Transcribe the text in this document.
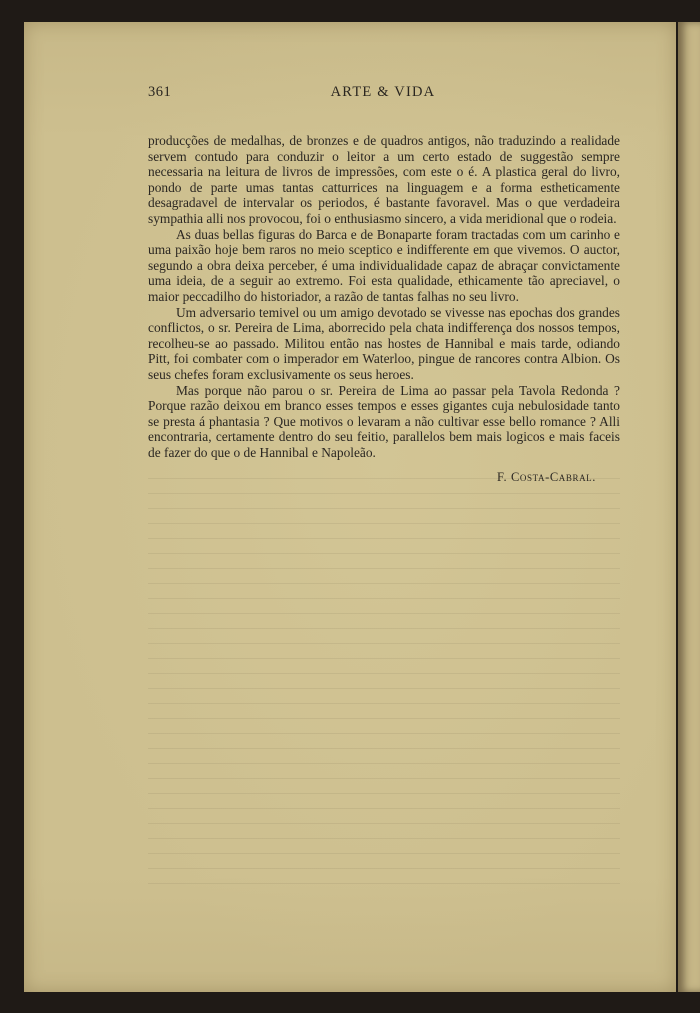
361	ARTE & VIDA

producções de medalhas, de bronzes e de quadros antigos, não traduzindo a realidade servem contudo para conduzir o leitor a um certo estado de suggestão sempre necessaria na leitura de livros de impressões, com este o é. A plastica geral do livro, pondo de parte umas tantas catturrices na linguagem e a forma estheticamente desagradavel de intervalar os periodos, é bastante favoravel. Mas o que verdadeira sympathia alli nos provocou, foi o enthusiasmo sincero, a vida meridional que o rodeia.

As duas bellas figuras do Barca e de Bonaparte foram tractadas com um carinho e uma paixão hoje bem raros no meio sceptico e indifferente em que vivemos. O auctor, segundo a obra deixa perceber, é uma individualidade capaz de abraçar convictamente uma ideia, de a seguir ao extremo. Foi esta qualidade, ethicamente tão apreciavel, o maior peccadilho do historiador, a razão de tantas falhas no seu livro.

Um adversario temivel ou um amigo devotado se vivesse nas epochas dos grandes conflictos, o sr. Pereira de Lima, aborrecido pela chata indifferença dos nossos tempos, recolheu-se ao passado. Militou então nas hostes de Hannibal e mais tarde, odiando Pitt, foi combater com o imperador em Waterloo, pingue de rancores contra Albion. Os seus chefes foram exclusivamente os seus heroes.

Mas porque não parou o sr. Pereira de Lima ao passar pela Tavola Redonda ? Porque razão deixou em branco esses tempos e esses gigantes cuja nebulosidade tanto se presta á phantasia ? Que motivos o levaram a não cultivar esse bello romance ? Alli encontraria, certamente dentro do seu feitio, parallelos bem mais logicos e mais faceis de fazer do que o de Hannibal e Napoleão.

F. Costa-Cabral.
